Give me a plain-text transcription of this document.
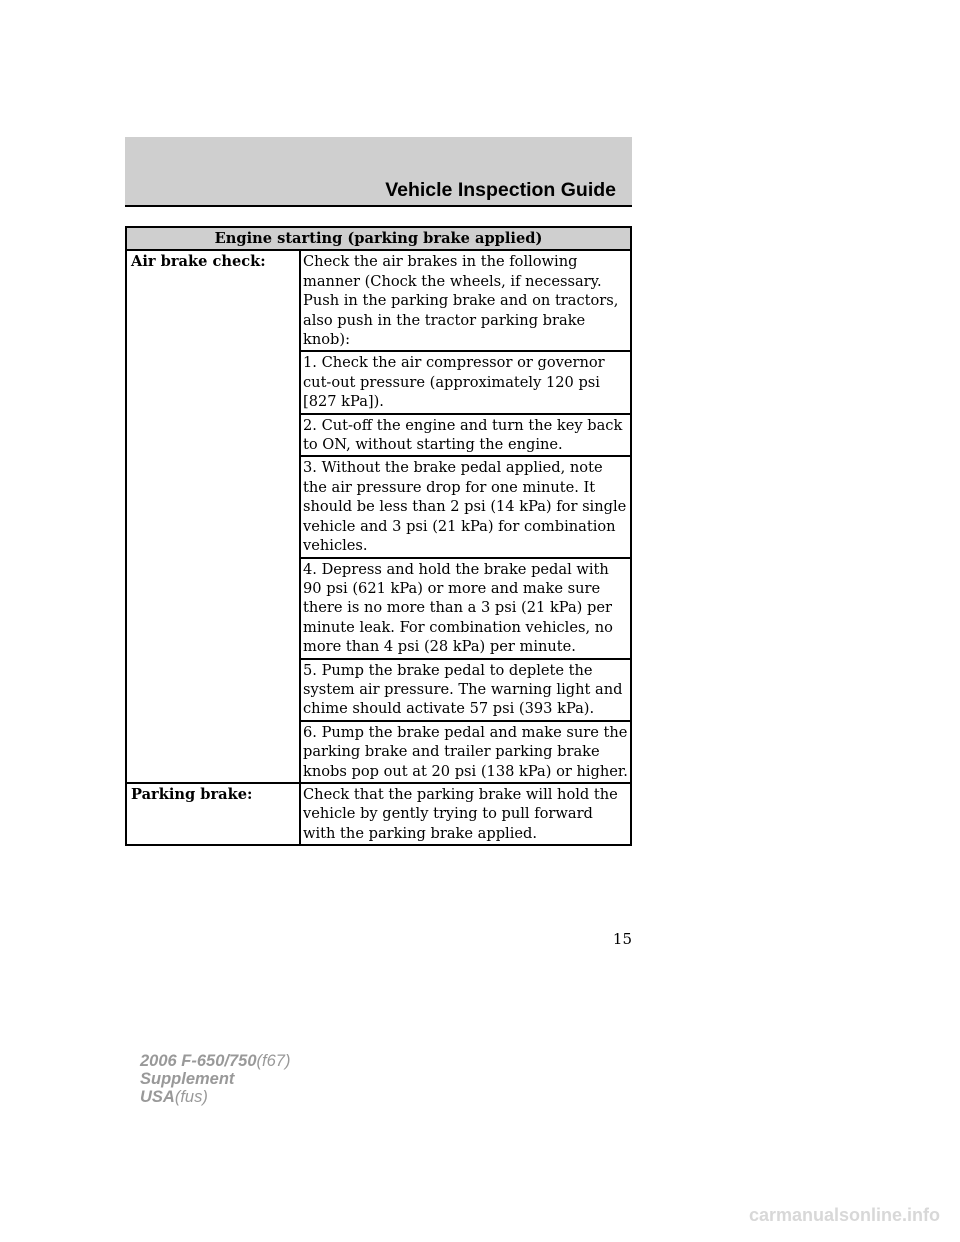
Vehicle Inspection Guide
Engine starting (parking brake applied)	
Air brake check:	Check the air brakes in the following manner (Chock the wheels, if necessary. Push in the parking brake and on tractors, also push in the tractor parking brake knob):
	1. Check the air compressor or governor cut-out pressure (approximately 120 psi [827 kPa]).
	2. Cut-off the engine and turn the key back to ON, without starting the engine.
	3. Without the brake pedal applied, note the air pressure drop for one minute. It should be less than 2 psi (14 kPa) for single vehicle and 3 psi (21 kPa) for combination vehicles.
	4. Depress and hold the brake pedal with 90 psi (621 kPa) or more and make sure there is no more than a 3 psi (21 kPa) per minute leak. For combination vehicles, no more than 4 psi (28 kPa) per minute.
	5. Pump the brake pedal to deplete the system air pressure. The warning light and chime should activate 57 psi (393 kPa).
	6. Pump the brake pedal and make sure the parking brake and trailer parking brake knobs pop out at 20 psi (138 kPa) or higher.
Parking brake:	Check that the parking brake will hold the vehicle by gently trying to pull forward with the parking brake applied.
15
2006 F-650/750(f67)
Supplement
USA(fus)
carmanualsonline.info
